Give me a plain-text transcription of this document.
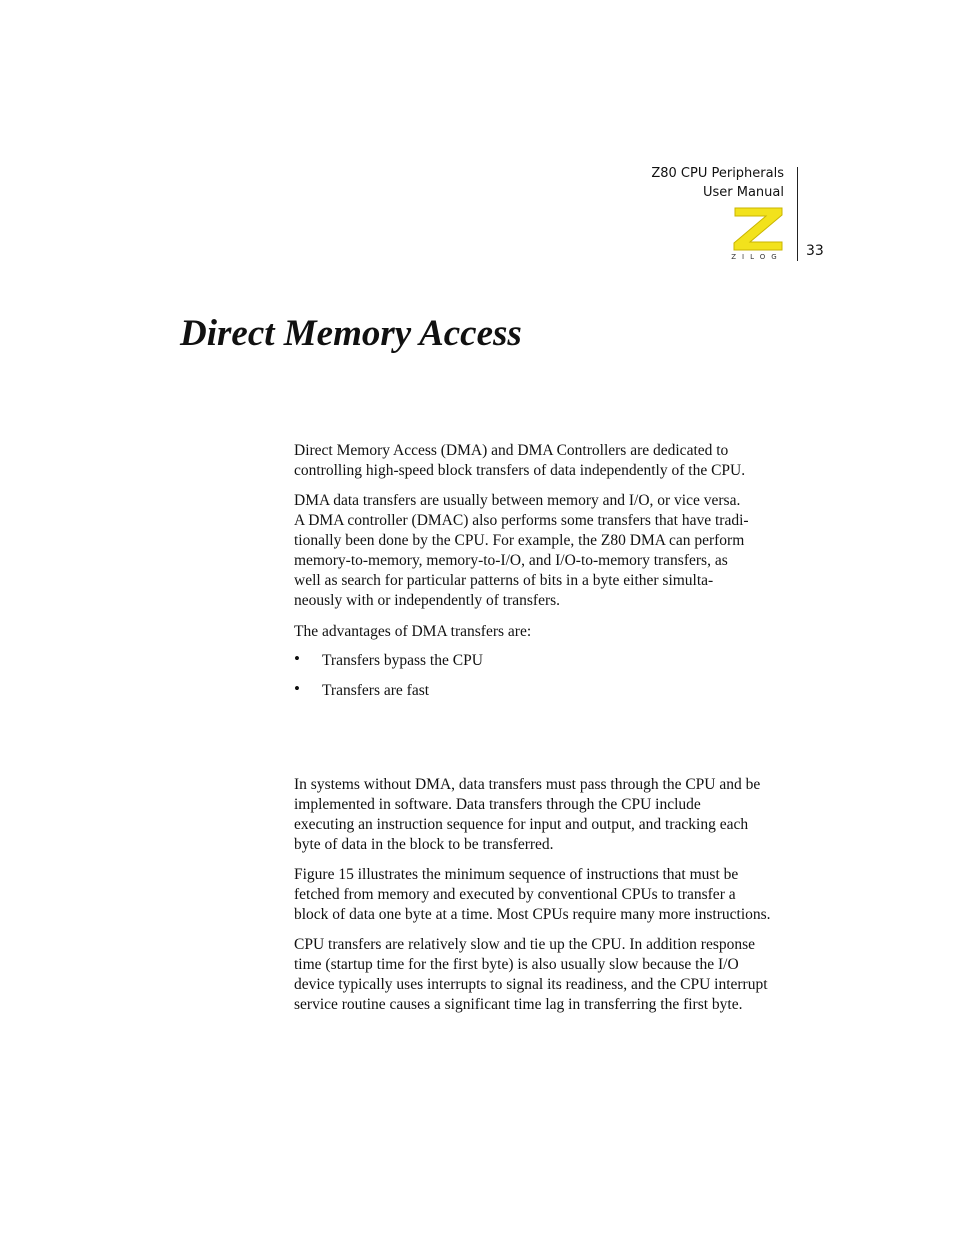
Z80 CPU Peripherals
User Manual
33
ZILOG
Direct Memory Access
Direct Memory Access (DMA) and DMA Controllers are dedicated to
controlling high-speed block transfers of data independently of the CPU.
DMA data transfers are usually between memory and I/O, or vice versa.
A DMA controller (DMAC) also performs some transfers that have tradi-
tionally been done by the CPU. For example, the Z80 DMA can perform
memory-to-memory, memory-to-I/O, and I/O-to-memory transfers, as
well as search for particular patterns of bits in a byte either simulta-
neously with or independently of transfers.
The advantages of DMA transfers are:
• Transfers bypass the CPU
• Transfers are fast
In systems without DMA, data transfers must pass through the CPU and be
implemented in software. Data transfers through the CPU include
executing an instruction sequence for input and output, and tracking each
byte of data in the block to be transferred.
Figure 15 illustrates the minimum sequence of instructions that must be
fetched from memory and executed by conventional CPUs to transfer a
block of data one byte at a time. Most CPUs require many more instructions.
CPU transfers are relatively slow and tie up the CPU. In addition response
time (startup time for the first byte) is also usually slow because the I/O
device typically uses interrupts to signal its readiness, and the CPU interrupt
service routine causes a significant time lag in transferring the first byte.
